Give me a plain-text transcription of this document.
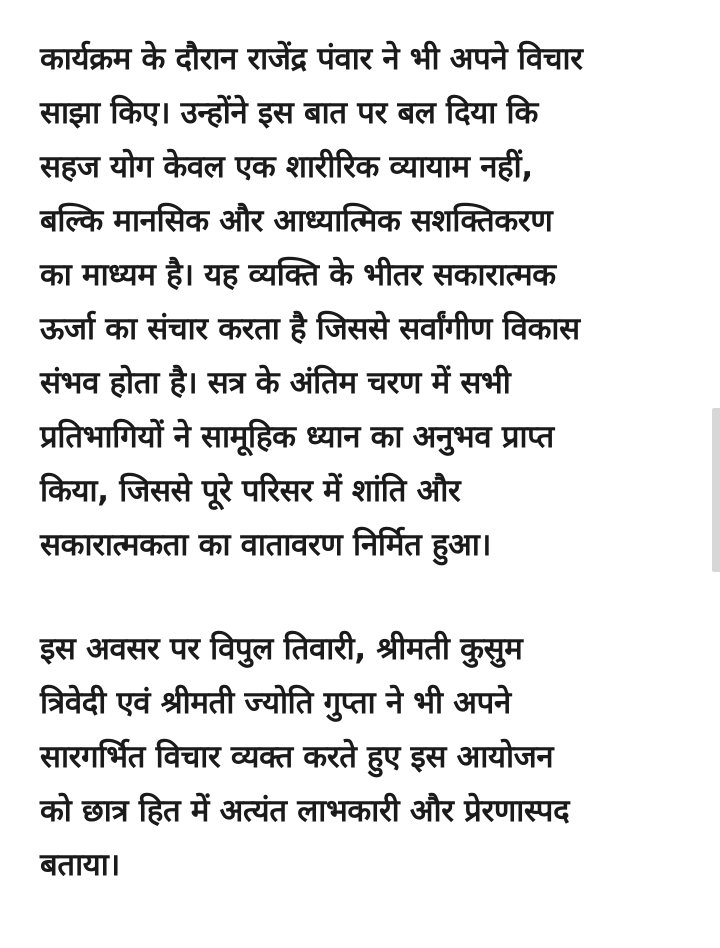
कार्यक्रम के दौरान राजेंद्र पंवार ने भी अपने विचार
साझा किए। उन्होंने इस बात पर बल दिया कि
सहज योग केवल एक शारीरिक व्यायाम नहीं,
बल्कि मानसिक और आध्यात्मिक सशक्तिकरण
का माध्यम है। यह व्यक्ति के भीतर सकारात्मक
ऊर्जा का संचार करता है जिससे सर्वांगीण विकास
संभव होता है। सत्र के अंतिम चरण में सभी
प्रतिभागियों ने सामूहिक ध्यान का अनुभव प्राप्त
किया, जिससे पूरे परिसर में शांति और
सकारात्मकता का वातावरण निर्मित हुआ।
इस अवसर पर विपुल तिवारी, श्रीमती कुसुम
त्रिवेदी एवं श्रीमती ज्योति गुप्ता ने भी अपने
सारगर्भित विचार व्यक्त करते हुए इस आयोजन
को छात्र हित में अत्यंत लाभकारी और प्रेरणास्पद
बताया।
